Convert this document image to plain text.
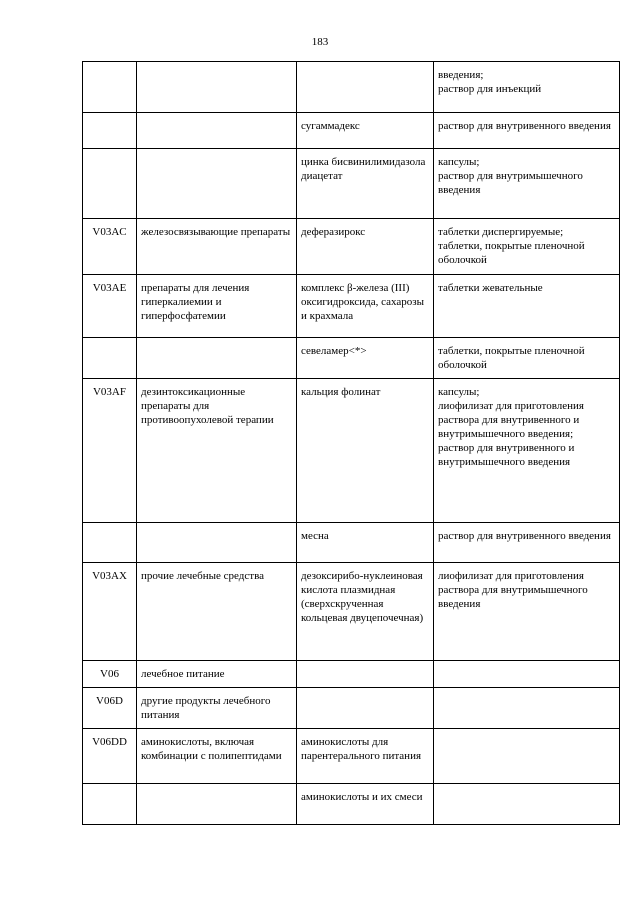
183
			введения;
раствор для инъекций
		сугаммадекс	раствор для внутривенного введения
		цинка бисвинилимидазола диацетат	капсулы;
раствор для внутримышечного введения
V03AC	железосвязывающие препараты	деферазирокс	таблетки диспергируемые;
таблетки, покрытые пленочной оболочкой
V03AE	препараты для лечения гиперкалиемии и гиперфосфатемии	комплекс β-железа (III) оксигидроксида, сахарозы и крахмала	таблетки жевательные
		севеламер<*>	таблетки, покрытые пленочной оболочкой
V03AF	дезинтоксикационные препараты для противоопухолевой терапии	кальция фолинат	капсулы;
лиофилизат для приготовления раствора для внутривенного и внутримышечного введения;
раствор для внутривенного и внутримышечного введения
		месна	раствор для внутривенного введения
V03AX	прочие лечебные средства	дезоксирибо-нуклеиновая кислота плазмидная (сверхскрученная кольцевая двуцепочечная)	лиофилизат для приготовления раствора для внутримышечного введения
V06	лечебное питание		
V06D	другие продукты лечебного питания		
V06DD	аминокислоты, включая комбинации с полипептидами	аминокислоты для парентерального питания	
		аминокислоты и их смеси	
